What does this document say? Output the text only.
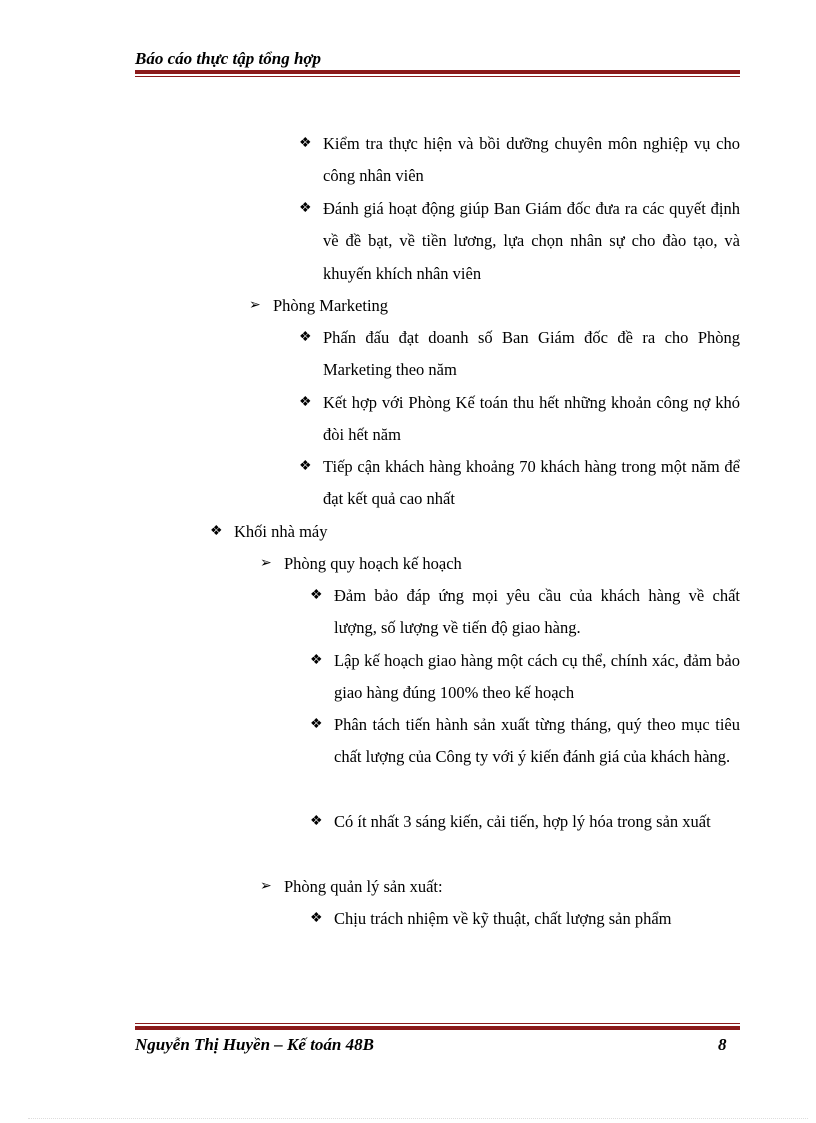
Báo cáo thực tập tổng hợp
❖ Kiểm tra thực hiện và bồi dưỡng chuyên môn nghiệp vụ cho công nhân viên
❖ Đánh giá hoạt động giúp Ban Giám đốc đưa ra các quyết định về đề bạt, về tiền lương, lựa chọn nhân sự cho đào tạo, và khuyến khích nhân viên
➢ Phòng Marketing
❖ Phấn đấu đạt doanh số Ban Giám đốc đề ra cho Phòng Marketing theo năm
❖ Kết hợp với Phòng Kế toán thu hết những khoản công nợ khó đòi hết năm
❖ Tiếp cận khách hàng khoảng 70 khách hàng trong một năm để đạt kết quả cao nhất
❖ Khối nhà máy
➢ Phòng quy hoạch kế hoạch
❖ Đảm bảo đáp ứng mọi yêu cầu của khách hàng về chất lượng, số lượng về tiến độ giao hàng.
❖ Lập kế hoạch giao hàng một cách cụ thể, chính xác, đảm bảo giao hàng đúng 100% theo kế hoạch
❖ Phân tách tiến hành sản xuất từng tháng, quý theo mục tiêu chất lượng của Công ty với ý kiến đánh giá của khách hàng.
❖ Có ít nhất 3 sáng kiến, cải tiến, hợp lý hóa trong sản xuất
➢ Phòng quản lý sản xuất:
❖ Chịu trách nhiệm về kỹ thuật, chất lượng sản phẩm
Nguyễn Thị Huyền – Kế toán 48B	8
